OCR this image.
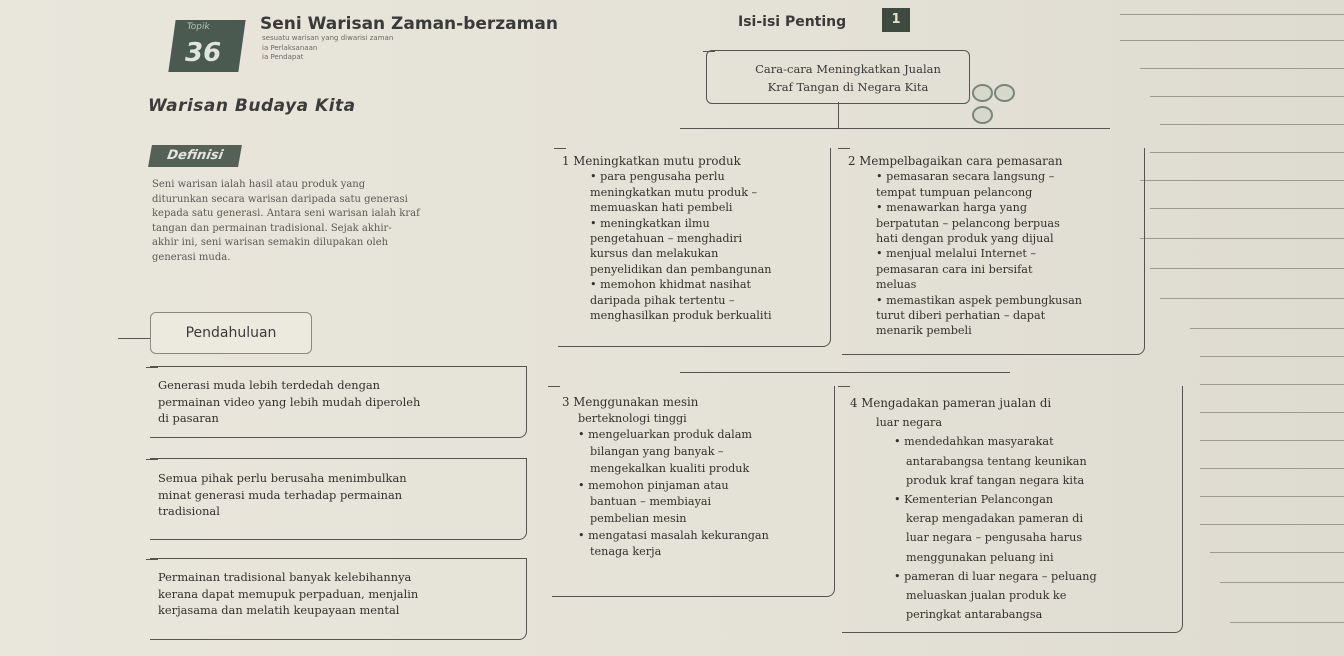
Topik
36
Seni Warisan Zaman-berzaman
sesuatu warisan yang diwarisi zaman
ia Perlaksanaan
ia Pendapat
Warisan Budaya Kita
Isi-isi Penting	1
Cara-cara Meningkatkan Jualan
Kraf Tangan di Negara Kita
Definisi
Seni warisan ialah hasil atau produk yang
diturunkan secara warisan daripada satu generasi
kepada satu generasi. Antara seni warisan ialah kraf
tangan dan permainan tradisional. Sejak akhir-
akhir ini, seni warisan semakin dilupakan oleh
generasi muda.
Pendahuluan
Generasi muda lebih terdedah dengan
permainan video yang lebih mudah diperoleh
di pasaran
Semua pihak perlu berusaha menimbulkan
minat generasi muda terhadap permainan
tradisional
Permainan tradisional banyak kelebihannya
kerana dapat memupuk perpaduan, menjalin
kerjasama dan melatih keupayaan mental
1 Meningkatkan mutu produk
• para pengusaha perlu
meningkatkan mutu produk –
memuaskan hati pembeli
• meningkatkan ilmu
pengetahuan – menghadiri
kursus dan melakukan
penyelidikan dan pembangunan
• memohon khidmat nasihat
daripada pihak tertentu –
menghasilkan produk berkualiti
2 Mempelbagaikan cara pemasaran
• pemasaran secara langsung –
tempat tumpuan pelancong
• menawarkan harga yang
berpatutan – pelancong berpuas
hati dengan produk yang dijual
• menjual melalui Internet –
pemasaran cara ini bersifat
meluas
• memastikan aspek pembungkusan
turut diberi perhatian – dapat
menarik pembeli
3 Menggunakan mesin
berteknologi tinggi
• mengeluarkan produk dalam
bilangan yang banyak –
mengekalkan kualiti produk
• memohon pinjaman atau
bantuan – membiayai
pembelian mesin
• mengatasi masalah kekurangan
tenaga kerja
4 Mengadakan pameran jualan di
luar negara
• mendedahkan masyarakat
antarabangsa tentang keunikan
produk kraf tangan negara kita
• Kementerian Pelancongan
kerap mengadakan pameran di
luar negara – pengusaha harus
menggunakan peluang ini
• pameran di luar negara – peluang
meluaskan jualan produk ke
peringkat antarabangsa
